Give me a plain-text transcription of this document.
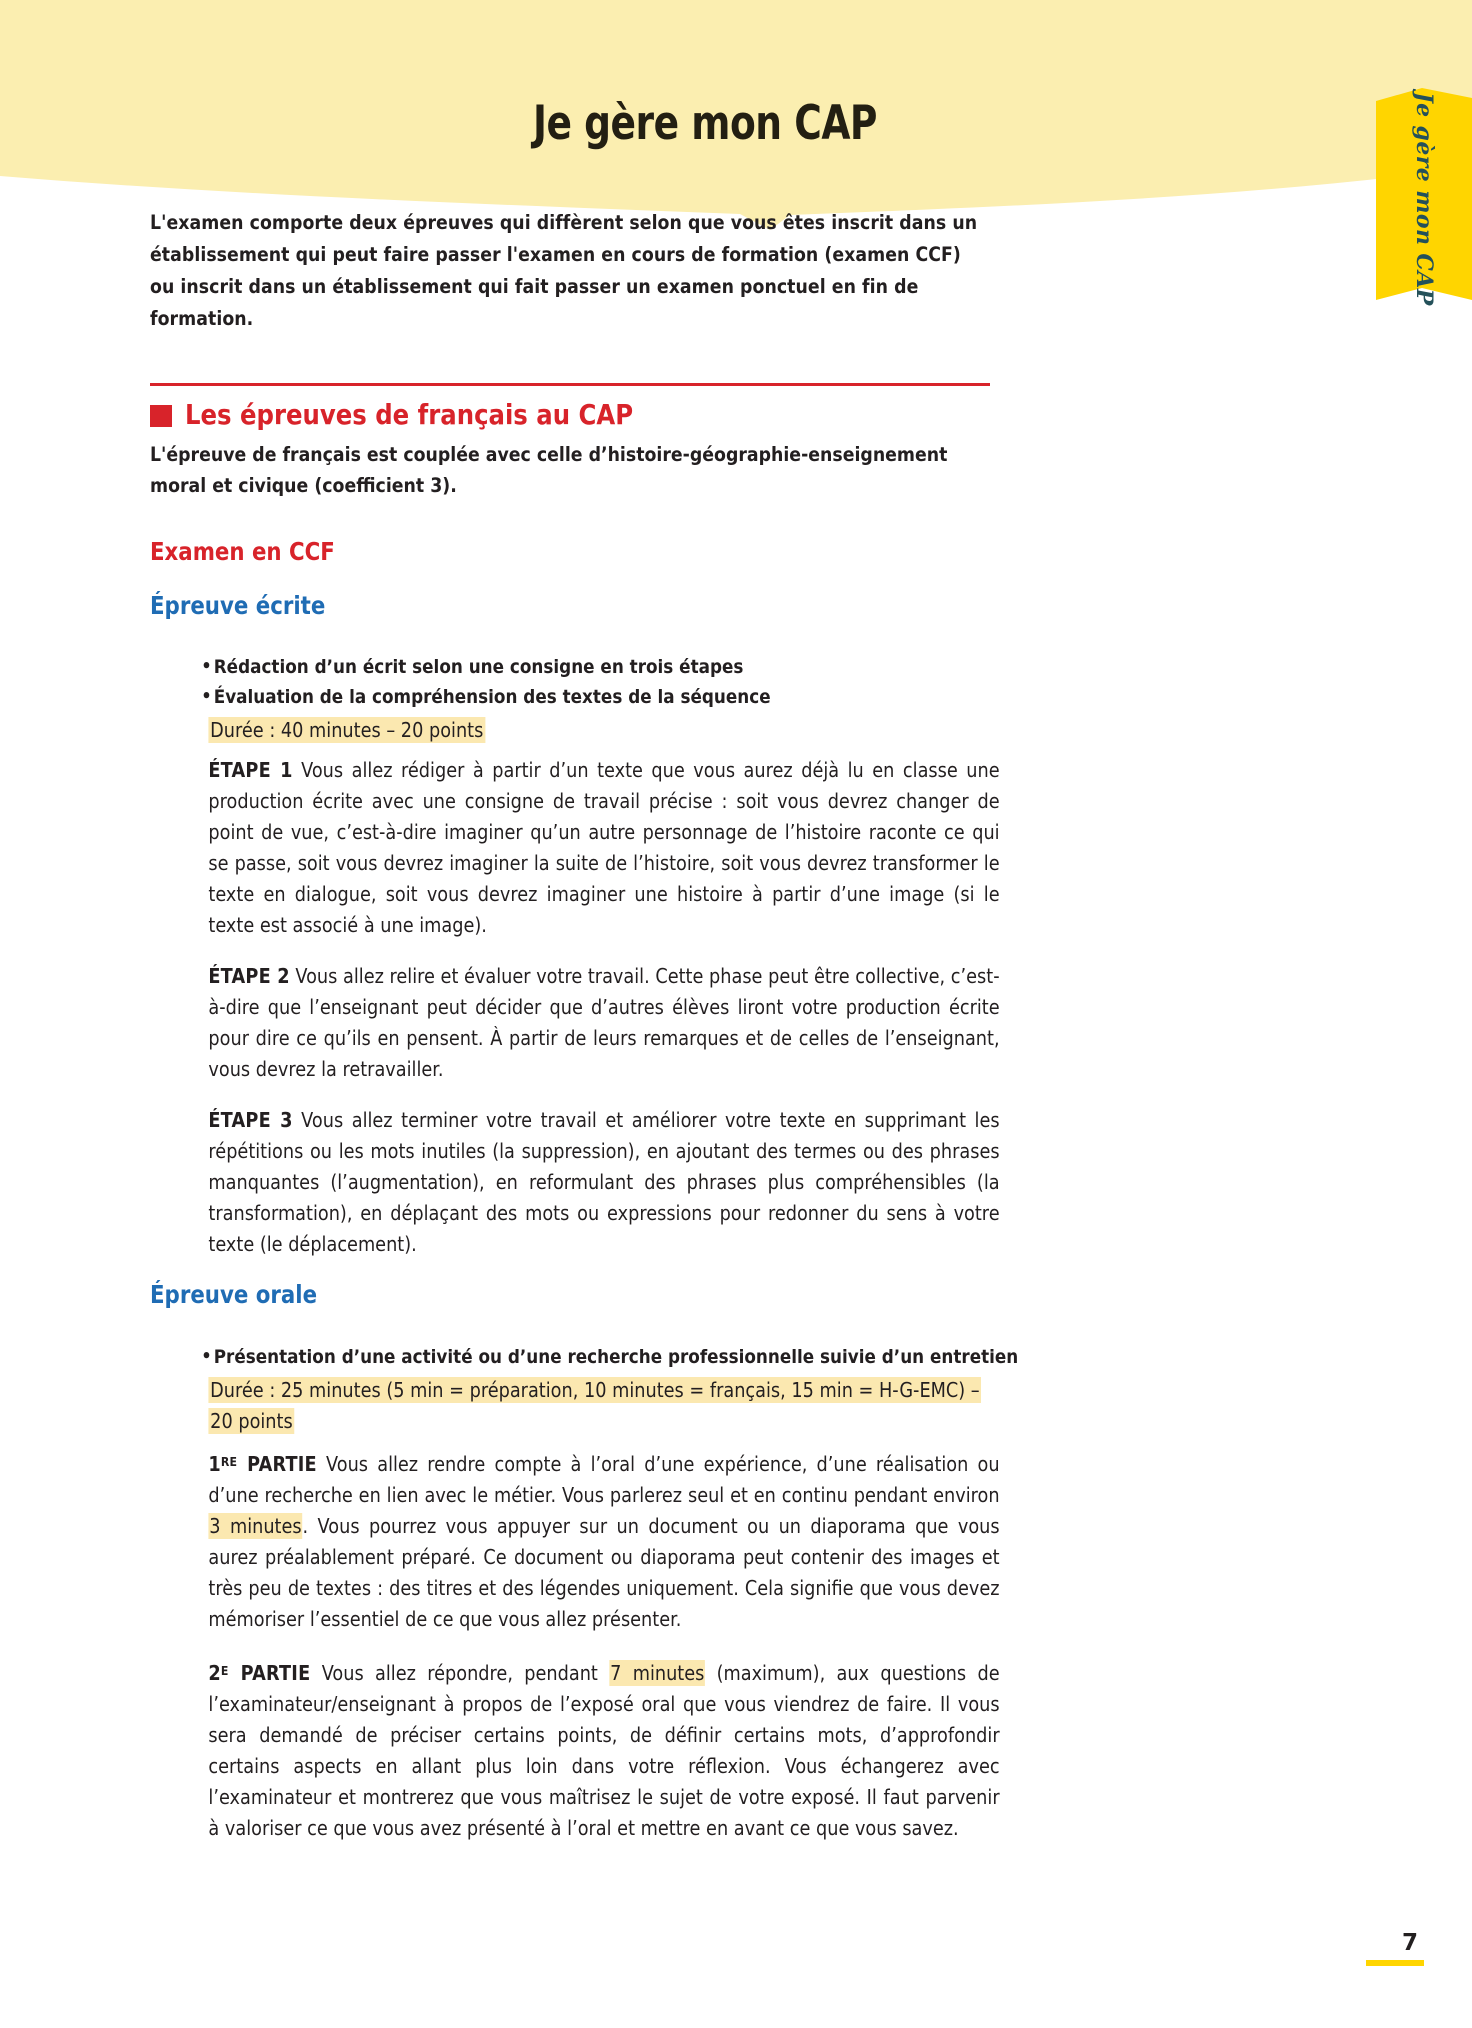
Je gère mon CAP	Je gère mon CAP

L'examen comporte deux épreuves qui diffèrent selon que vous êtes inscrit dans un établissement qui peut faire passer l'examen en cours de formation (examen CCF) ou inscrit dans un établissement qui fait passer un examen ponctuel en fin de formation.

Les épreuves de français au CAP

L'épreuve de français est couplée avec celle d’histoire-géographie-enseignement moral et civique (coefficient 3).

Examen en CCF
Épreuve écrite
• Rédaction d’un écrit selon une consigne en trois étapes
• Évaluation de la compréhension des textes de la séquence
Durée : 40 minutes – 20 points

ÉTAPE 1 Vous allez rédiger à partir d’un texte que vous aurez déjà lu en classe une production écrite avec une consigne de travail précise : soit vous devrez changer de point de vue, c’est-à-dire imaginer qu’un autre personnage de l’histoire raconte ce qui se passe, soit vous devrez imaginer la suite de l’histoire, soit vous devrez transformer le texte en dialogue, soit vous devrez imaginer une histoire à partir d’une image (si le texte est associé à une image).

ÉTAPE 2 Vous allez relire et évaluer votre travail. Cette phase peut être collective, c’est-à-dire que l’enseignant peut décider que d’autres élèves liront votre production écrite pour dire ce qu’ils en pensent. À partir de leurs remarques et de celles de l’enseignant, vous devrez la retravailler.

ÉTAPE 3 Vous allez terminer votre travail et améliorer votre texte en supprimant les répétitions ou les mots inutiles (la suppression), en ajoutant des termes ou des phrases manquantes (l’augmentation), en reformulant des phrases plus compréhensibles (la transformation), en déplaçant des mots ou expressions pour redonner du sens à votre texte (le déplacement).

Épreuve orale
• Présentation d’une activité ou d’une recherche professionnelle suivie d’un entretien
Durée : 25 minutes (5 min = préparation, 10 minutes = français, 15 min = H-G-EMC) – 20 points

1RE PARTIE Vous allez rendre compte à l’oral d’une expérience, d’une réalisation ou d’une recherche en lien avec le métier. Vous parlerez seul et en continu pendant environ 3 minutes. Vous pourrez vous appuyer sur un document ou un diaporama que vous aurez préalablement préparé. Ce document ou diaporama peut contenir des images et très peu de textes : des titres et des légendes uniquement. Cela signifie que vous devez mémoriser l’essentiel de ce que vous allez présenter.

$2^E$ PARTIE Vous allez répondre, pendant 7 minutes (maximum), aux questions de l’examinateur/enseignant à propos de l’exposé oral que vous viendrez de faire. Il vous sera demandé de préciser certains points, de définir certains mots, d’approfondir certains aspects en allant plus loin dans votre réflexion. Vous échangerez avec l’examinateur et montrerez que vous maîtrisez le sujet de votre exposé. Il faut parvenir à valoriser ce que vous avez présenté à l’oral et mettre en avant ce que vous savez.

7
